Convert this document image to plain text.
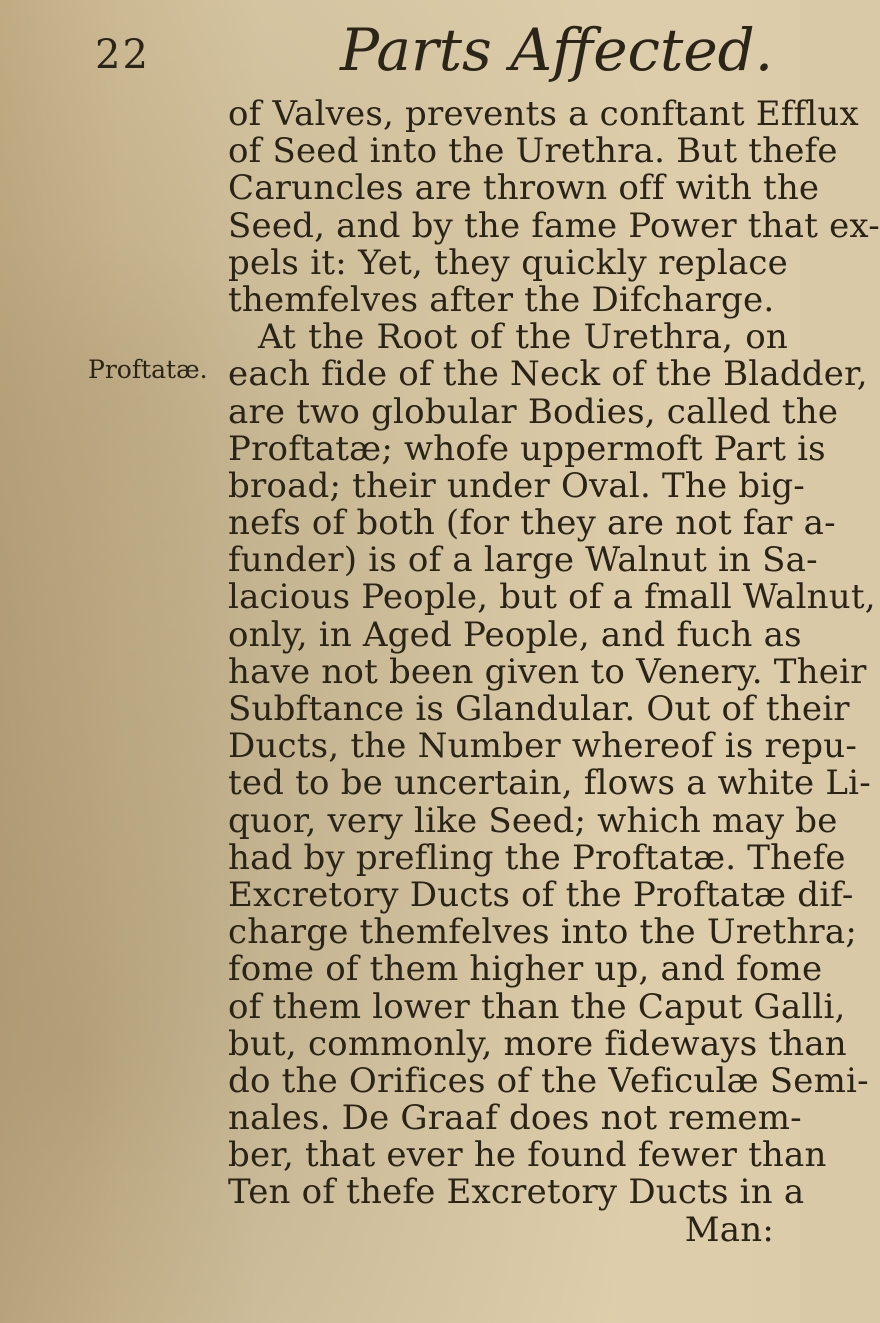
22	Parts Affected.
Proftatæ.
of Valves, prevents a conftant Efflux
of Seed into the Urethra. But thefe
Caruncles are thrown off with the
Seed, and by the fame Power that ex-
pels it: Yet, they quickly replace
themfelves after the Difcharge.
At the Root of the Urethra, on
each fide of the Neck of the Bladder,
are two globular Bodies, called the
Proftatæ; whofe uppermoft Part is
broad; their under Oval. The big-
nefs of both (for they are not far a-
funder) is of a large Walnut in Sa-
lacious People, but of a fmall Walnut,
only, in Aged People, and fuch as
have not been given to Venery. Their
Subftance is Glandular. Out of their
Ducts, the Number whereof is repu-
ted to be uncertain, flows a white Li-
quor, very like Seed; which may be
had by prefling the Proftatæ. Thefe
Excretory Ducts of the Proftatæ dif-
charge themfelves into the Urethra;
fome of them higher up, and fome
of them lower than the Caput Galli,
but, commonly, more fideways than
do the Orifices of the Veficulæ Semi-
nales. De Graaf does not remem-
ber, that ever he found fewer than
Ten of thefe Excretory Ducts in a
Man:
